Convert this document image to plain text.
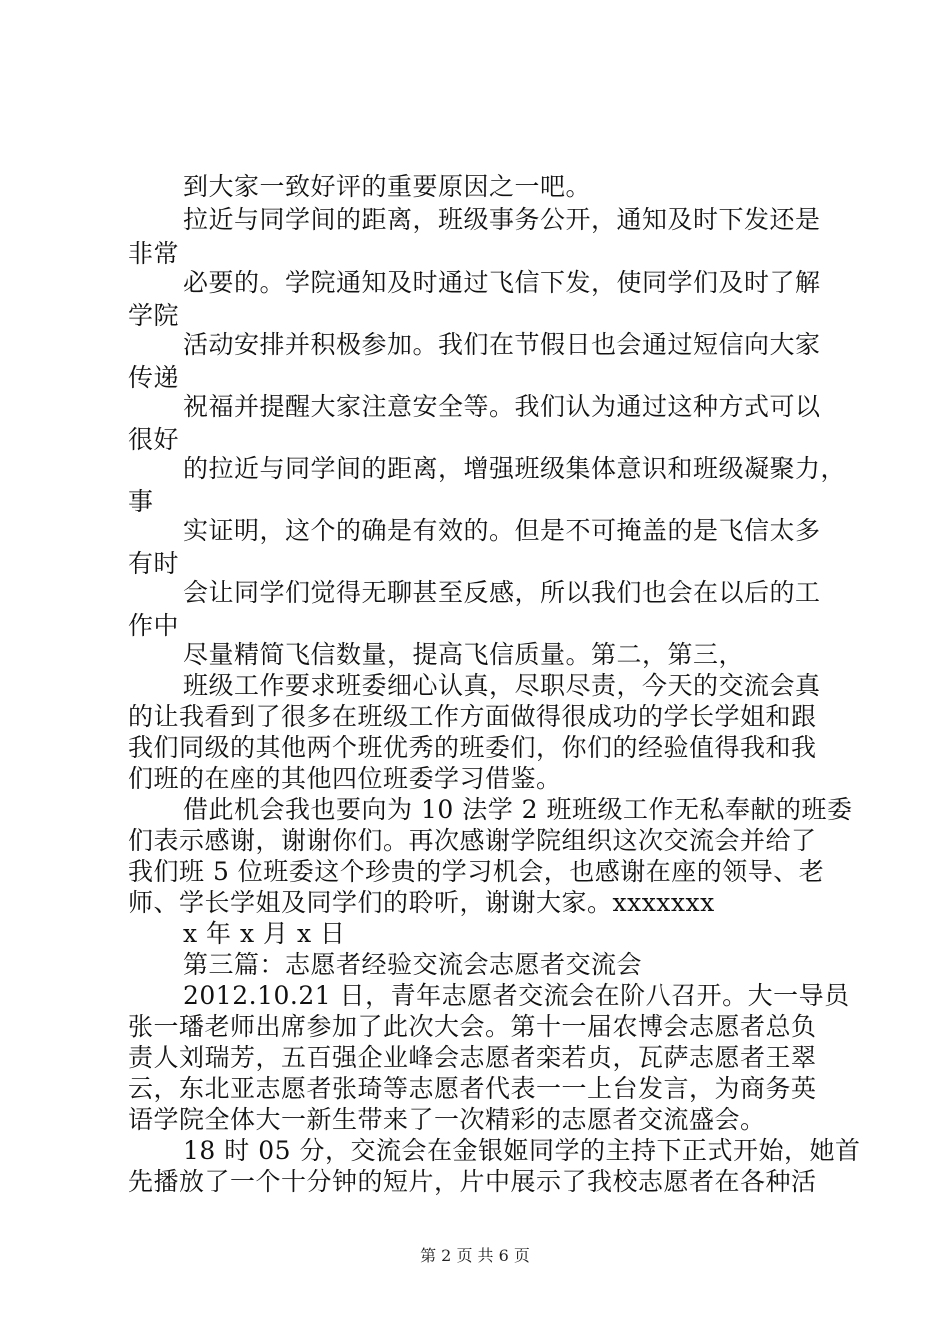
到大家一致好评的重要原因之一吧。
拉近与同学间的距离，班级事务公开，通知及时下发还是
非常
必要的。学院通知及时通过飞信下发，使同学们及时了解
学院
活动安排并积极参加。我们在节假日也会通过短信向大家
传递
祝福并提醒大家注意安全等。我们认为通过这种方式可以
很好
的拉近与同学间的距离，增强班级集体意识和班级凝聚力，
事
实证明，这个的确是有效的。但是不可掩盖的是飞信太多
有时
会让同学们觉得无聊甚至反感，所以我们也会在以后的工
作中
尽量精简飞信数量，提高飞信质量。第二，第三，
班级工作要求班委细心认真，尽职尽责，今天的交流会真
的让我看到了很多在班级工作方面做得很成功的学长学姐和跟
我们同级的其他两个班优秀的班委们，你们的经验值得我和我
们班的在座的其他四位班委学习借鉴。
借此机会我也要向为 10 法学 2 班班级工作无私奉献的班委
们表示感谢，谢谢你们。再次感谢学院组织这次交流会并给了
我们班 5 位班委这个珍贵的学习机会，也感谢在座的领导、老
师、学长学姐及同学们的聆听，谢谢大家。xxxxxxx
x 年 x 月 x 日
第三篇：志愿者经验交流会志愿者交流会
2012.10.21 日，青年志愿者交流会在阶八召开。大一导员
张一璠老师出席参加了此次大会。第十一届农博会志愿者总负
责人刘瑞芳，五百强企业峰会志愿者栾若贞，瓦萨志愿者王翠
云，东北亚志愿者张琦等志愿者代表一一上台发言，为商务英
语学院全体大一新生带来了一次精彩的志愿者交流盛会。
18 时 05 分，交流会在金银姬同学的主持下正式开始，她首
先播放了一个十分钟的短片，片中展示了我校志愿者在各种活
第 2 页 共 6 页
